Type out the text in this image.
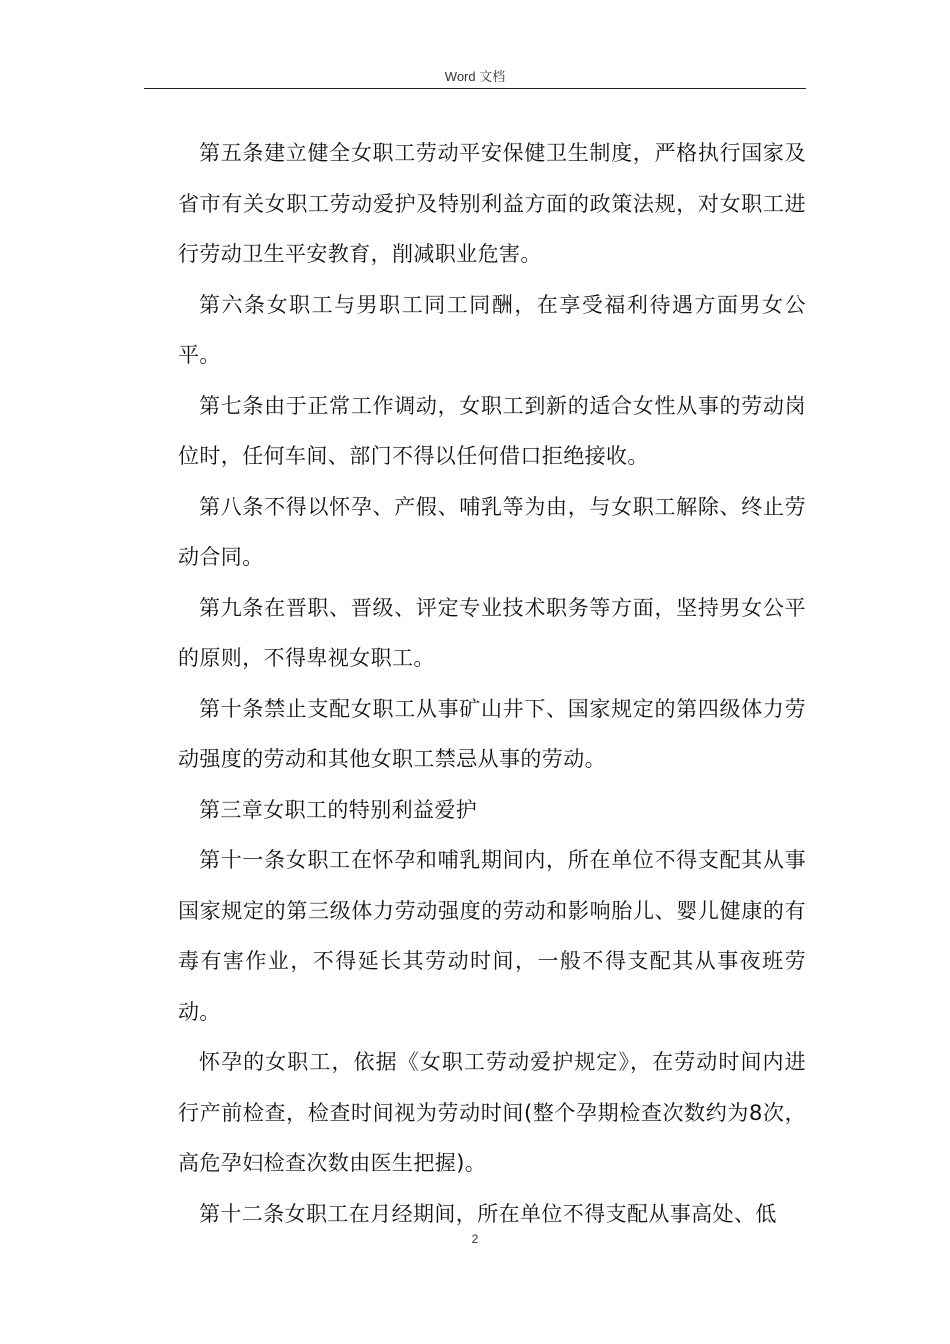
Word 文档

第五条建立健全女职工劳动平安保健卫生制度，严格执行国家及省市有关女职工劳动爱护及特别利益方面的政策法规，对女职工进行劳动卫生平安教育，削减职业危害。

第六条女职工与男职工同工同酬，在享受福利待遇方面男女公平。

第七条由于正常工作调动，女职工到新的适合女性从事的劳动岗位时，任何车间、部门不得以任何借口拒绝接收。

第八条不得以怀孕、产假、哺乳等为由，与女职工解除、终止劳动合同。

第九条在晋职、晋级、评定专业技术职务等方面，坚持男女公平的原则，不得卑视女职工。

第十条禁止支配女职工从事矿山井下、国家规定的第四级体力劳动强度的劳动和其他女职工禁忌从事的劳动。

第三章女职工的特别利益爱护

第十一条女职工在怀孕和哺乳期间内，所在单位不得支配其从事国家规定的第三级体力劳动强度的劳动和影响胎儿、婴儿健康的有毒有害作业，不得延长其劳动时间，一般不得支配其从事夜班劳动。

怀孕的女职工，依据《女职工劳动爱护规定》，在劳动时间内进行产前检查，检查时间视为劳动时间(整个孕期检查次数约为8次，高危孕妇检查次数由医生把握)。

第十二条女职工在月经期间，所在单位不得支配从事高处、低

2
